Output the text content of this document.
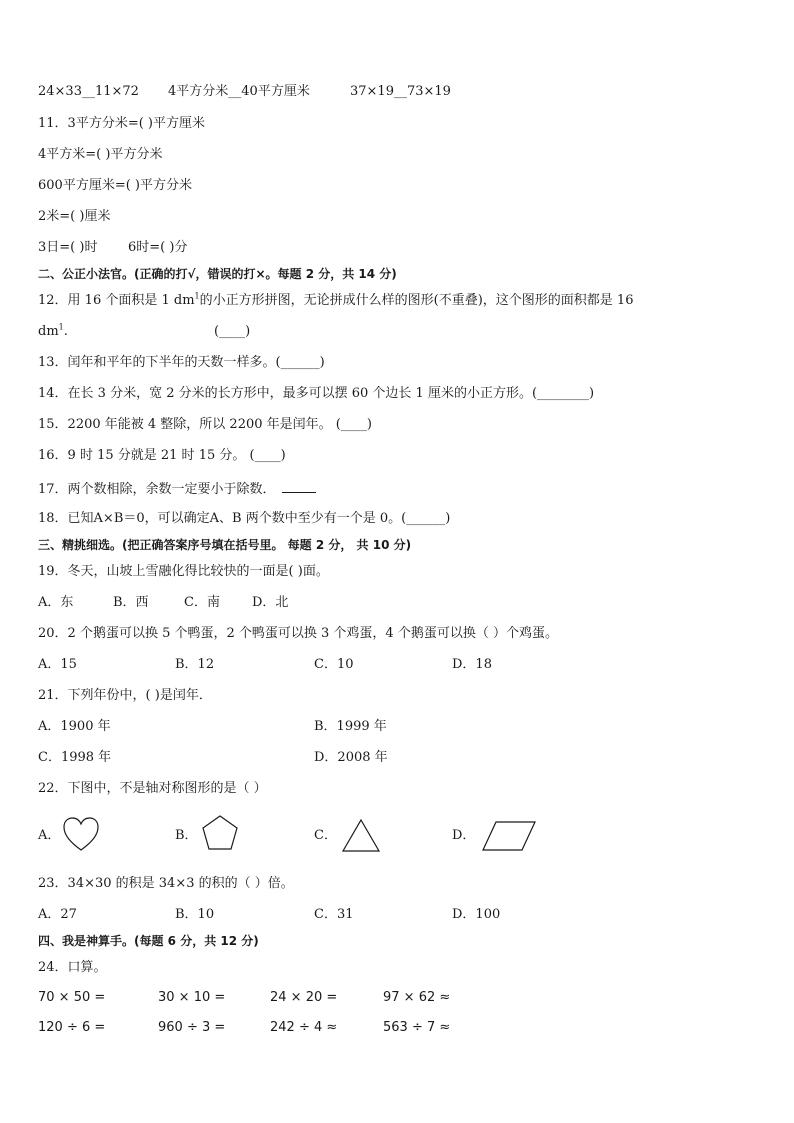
24×33__11×72 4平方分米__40平方厘米	37×19__73×19
11．3平方分米=( )平方厘米
4平方米=( )平方分米
600平方厘米=( )平方分米
2米=( )厘米
3日=( )时 6时=( )分
二、公正小法官。(正确的打√，错误的打×。每题 2 分，共 14 分)
12．用 16 个面积是 1 $dm^1$的小正方形拼图，无论拼成什么样的图形(不重叠)，这个图形的面积都是 16
$dm^1$.	(____)
13．闰年和平年的下半年的天数一样多。(______)
14．在长 3 分米，宽 2 分米的长方形中，最多可以摆 60 个边长 1 厘米的小正方形。(________)
15．2200 年能被 4 整除，所以 2200 年是闰年。 (____)
16．9 时 15 分就是 21 时 15 分。 (____)
17．两个数相除，余数一定要小于除数．
18．已知A×B＝0，可以确定A、B 两个数中至少有一个是 0。(______)
三、精挑细选。(把正确答案序号填在括号里。 每题 2 分， 共 10 分)
19．冬天，山坡上雪融化得比较快的一面是( )面。
A．东	B．西	C．南 D．北
20．2 个鹅蛋可以换 5 个鸭蛋，2 个鸭蛋可以换 3 个鸡蛋，4 个鹅蛋可以换（ ）个鸡蛋。
A．15	B．12	C．10	D．18
21．下列年份中，( )是闰年．
A．1900 年	B．1999 年
C．1998 年	D．2008 年
22．下图中，不是轴对称图形的是（ ）
A．	B．	C．	D．
23．34×30 的积是 34×3 的积的（ ）倍。
A．27	B．10	C．31	D．100
四、我是神算手。(每题 6 分，共 12 分)
24．口算。
70 × 50 =	30 × 10 =	24 × 20 =	97 × 62 ≈
120 ÷ 6 =	960 ÷ 3 =	242 ÷ 4 ≈	563 ÷ 7 ≈
